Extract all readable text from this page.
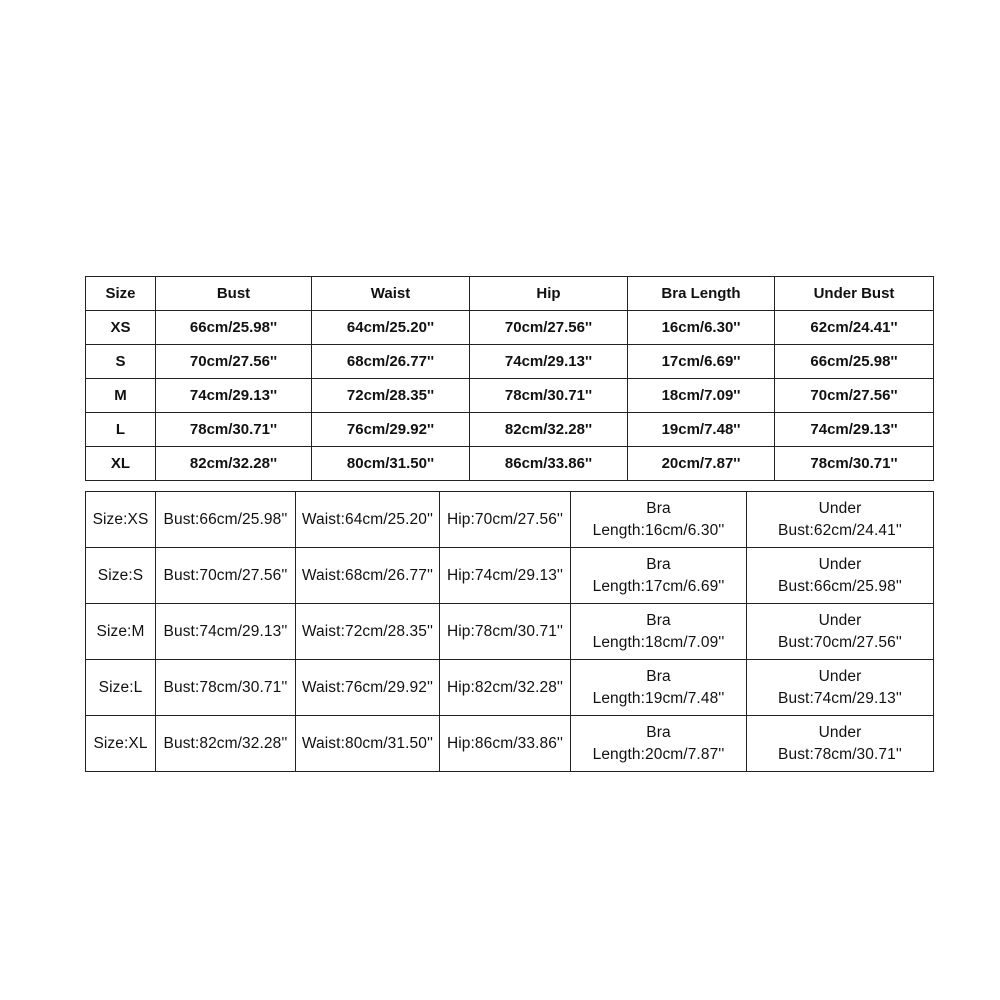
Size	Bust	Waist	Hip	Bra Length	Under Bust
XS	66cm/25.98''	64cm/25.20''	70cm/27.56''	16cm/6.30''	62cm/24.41''
S	70cm/27.56''	68cm/26.77''	74cm/29.13''	17cm/6.69''	66cm/25.98''
M	74cm/29.13''	72cm/28.35''	78cm/30.71''	18cm/7.09''	70cm/27.56''
L	78cm/30.71''	76cm/29.92''	82cm/32.28''	19cm/7.48''	74cm/29.13''
XL	82cm/32.28''	80cm/31.50''	86cm/33.86''	20cm/7.87''	78cm/30.71''
Size:XS	Bust:66cm/25.98''	Waist:64cm/25.20''	Hip:70cm/27.56''	Bra
Length:16cm/6.30''	Under
Bust:62cm/24.41''

Size:S	Bust:70cm/27.56''	Waist:68cm/26.77''	Hip:74cm/29.13''	Bra
Length:17cm/6.69''	Under
Bust:66cm/25.98''

Size:M	Bust:74cm/29.13''	Waist:72cm/28.35''	Hip:78cm/30.71''	Bra
Length:18cm/7.09''	Under
Bust:70cm/27.56''

Size:L	Bust:78cm/30.71''	Waist:76cm/29.92''	Hip:82cm/32.28''	Bra
Length:19cm/7.48''	Under
Bust:74cm/29.13''

Size:XL	Bust:82cm/32.28''	Waist:80cm/31.50''	Hip:86cm/33.86''	Bra
Length:20cm/7.87''	Under
Bust:78cm/30.71''
